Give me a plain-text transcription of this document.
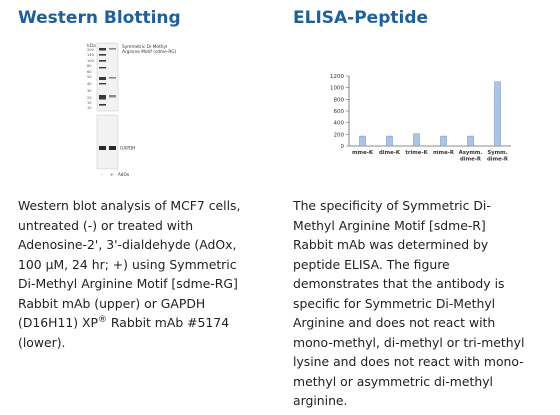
Western Blotting
kDa
200
140
100
80
60
50
40
30
20
15
10
Symmetric Di-Methyl
Arginine Motif (sdme-RG)
GAPDH
- + AdOx

Western blot analysis of MCF7 cells,
untreated (-) or treated with
Adenosine-2', 3'-dialdehyde (AdOx,
100 µM, 24 hr; +) using Symmetric
Di-Methyl Arginine Motif [sdme-RG]
Rabbit mAb (upper) or GAPDH
(D16H11) XP® Rabbit mAb #5174
(lower).

ELISA-Peptide
0
200
400
600
800
1000
1200
mme-K dime-K trime-K mme-R Asymm.
dime-R
Symm.
dime-R

The specificity of Symmetric Di-
Methyl Arginine Motif [sdme-R]
Rabbit mAb was determined by
peptide ELISA. The figure
demonstrates that the antibody is
specific for Symmetric Di-Methyl
Arginine and does not react with
mono-methyl, di-methyl or tri-methyl
lysine and does not react with mono-
methyl or asymmetric di-methyl
arginine.
